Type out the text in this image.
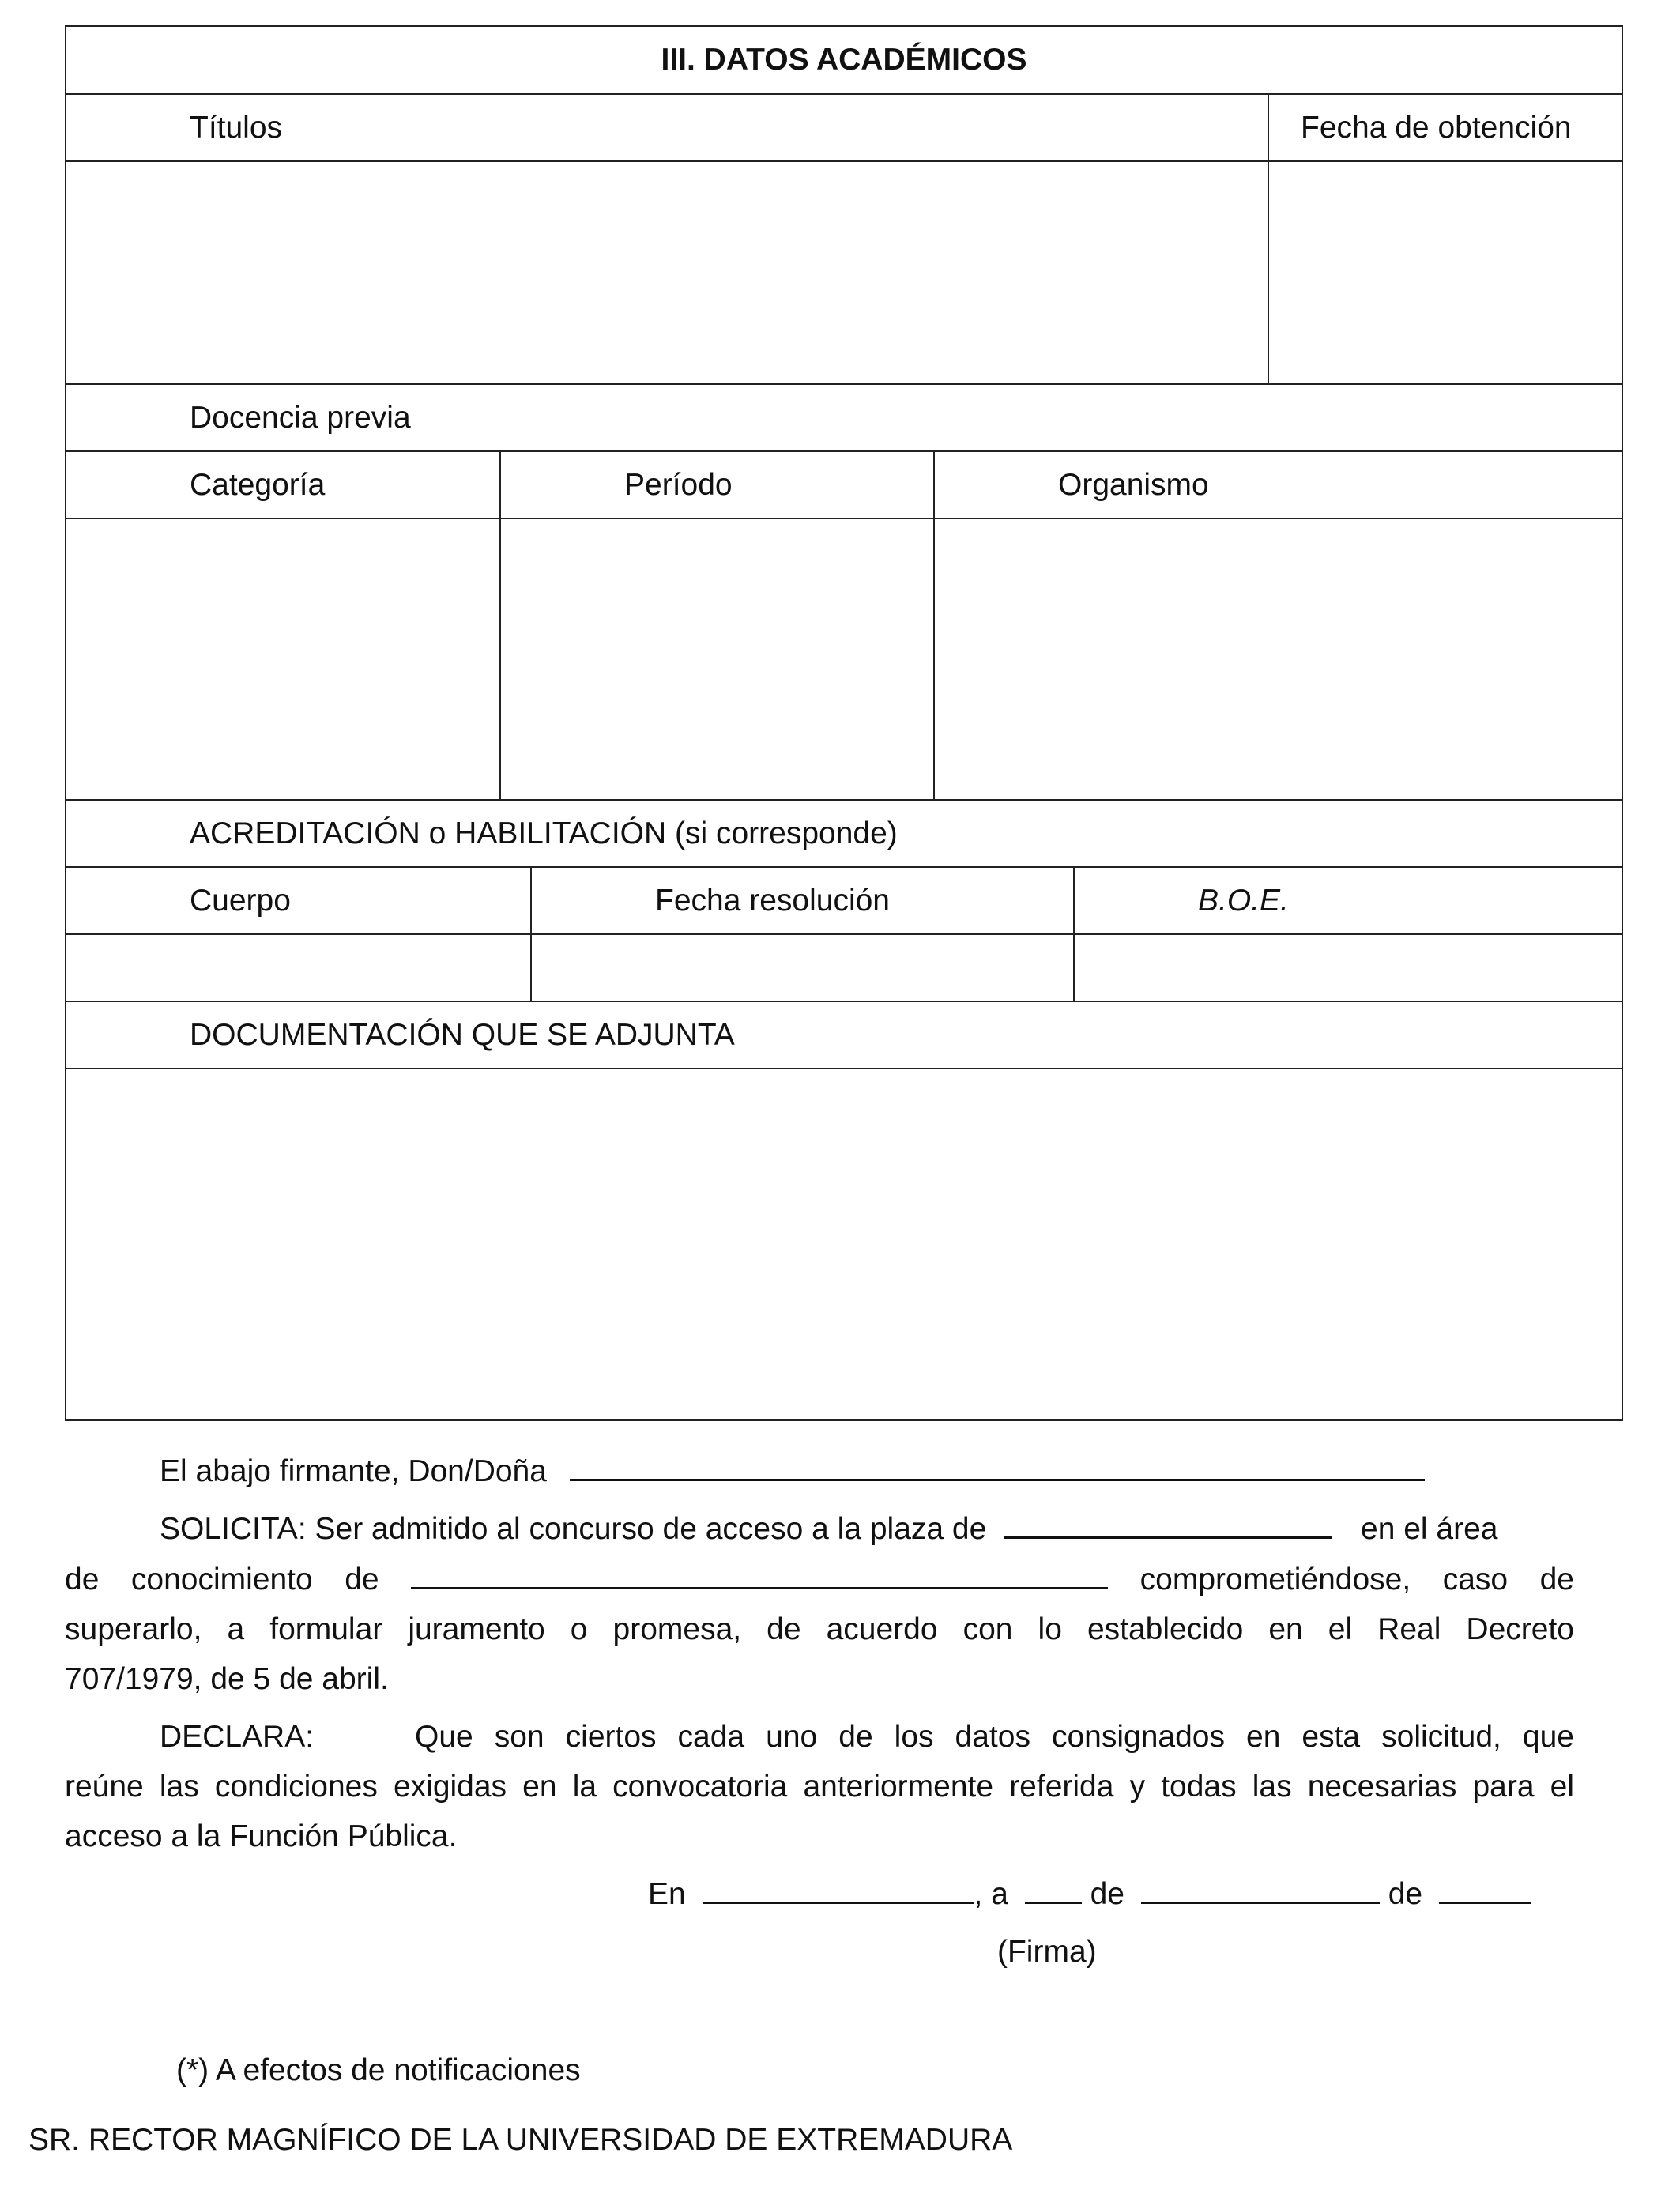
III. DATOS ACADÉMICOS
Títulos	Fecha de obtención
Docencia previa
Categoría	Período	Organismo
ACREDITACIÓN o HABILITACIÓN (si corresponde)
Cuerpo	Fecha resolución	B.O.E.
DOCUMENTACIÓN QUE SE ADJUNTA
El abajo firmante, Don/Doña
SOLICITA: Ser admitido al concurso de acceso a la plaza de	en el área
de conocimiento de	comprometiéndose, caso de
superarlo, a formular juramento o promesa, de acuerdo con lo establecido en el Real Decreto
707/1979, de 5 de abril.
DECLARA:	Que son ciertos cada uno de los datos consignados en esta solicitud, que
reúne las condiciones exigidas en la convocatoria anteriormente referida y todas las necesarias para el
acceso a la Función Pública.
En	, a	de	de
(Firma)
(*) A efectos de notificaciones
SR. RECTOR MAGNÍFICO DE LA UNIVERSIDAD DE EXTREMADURA
